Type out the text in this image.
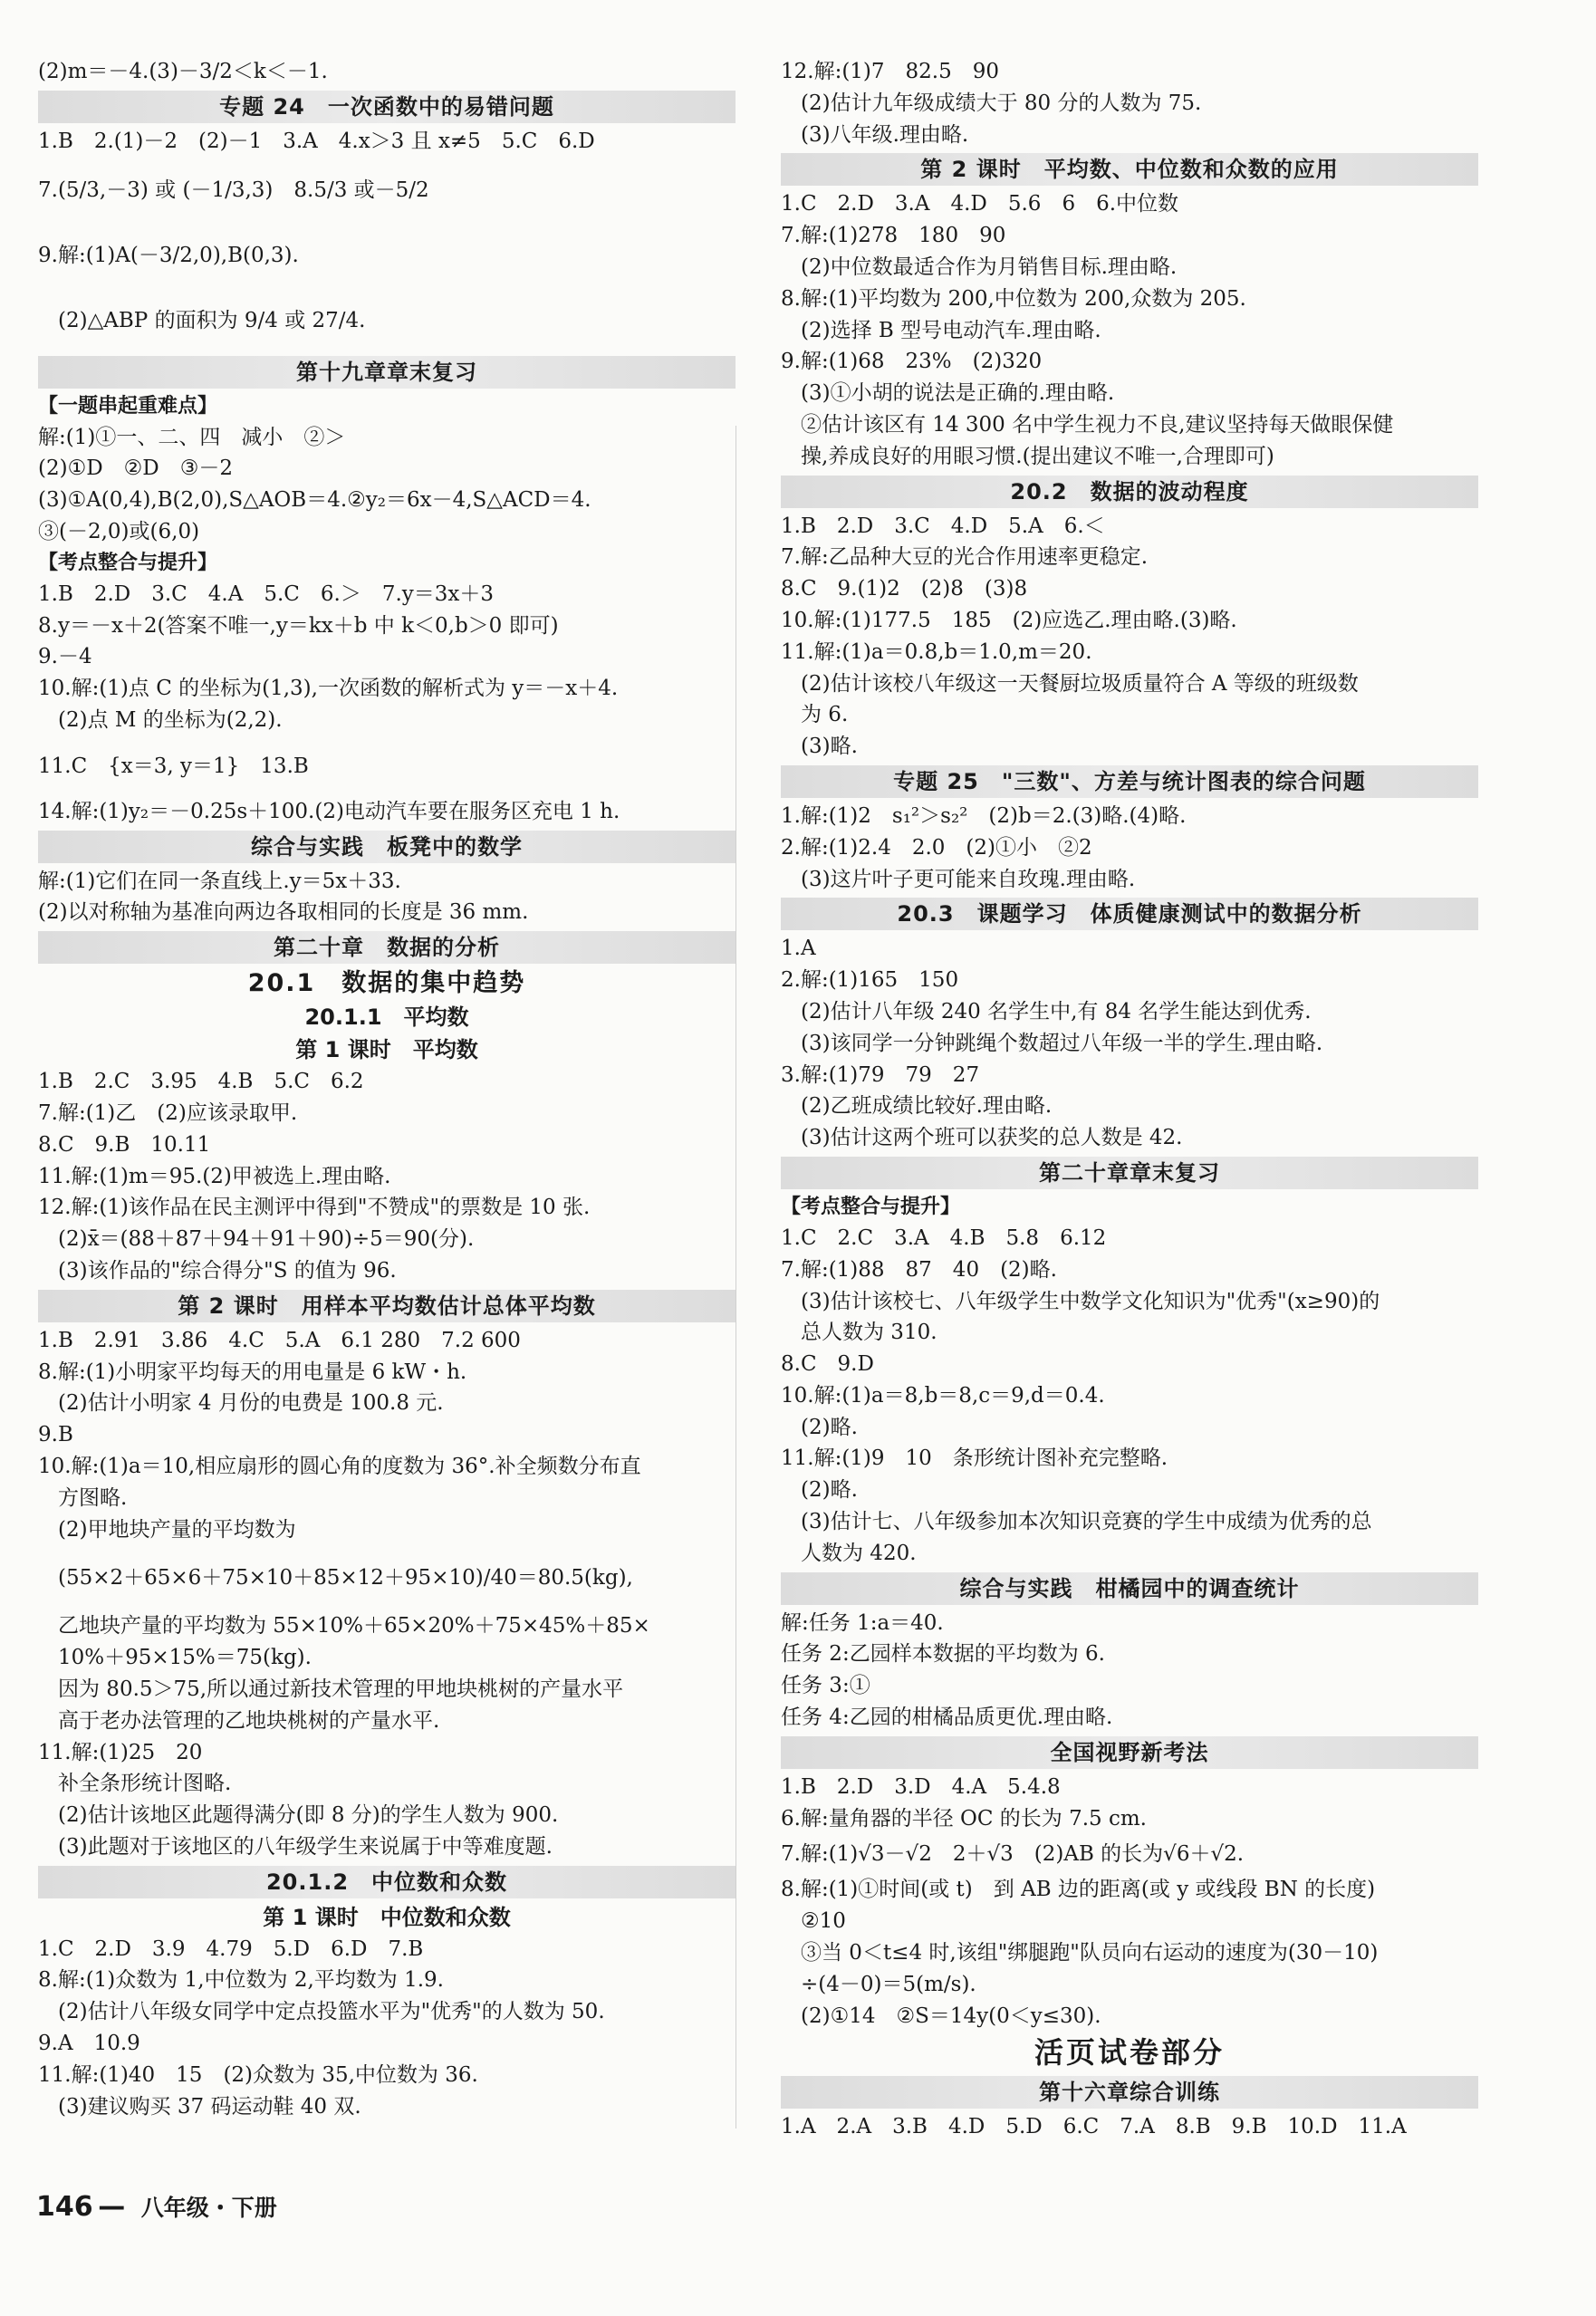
(2)m＝－4.(3)－3/2＜k＜－1.
专题 24　一次函数中的易错问题
1.B　2.(1)－2　(2)－1　3.A　4.x＞3 且 x≠5　5.C　6.D
7.(5/3,－3) 或 (－1/3,3)　8.5/3 或－5/2
9.解:(1)A(－3/2,0),B(0,3).
(2)△ABP 的面积为 9/4 或 27/4.
第十九章章末复习
【一题串起重难点】
解:(1)①一、二、四　减小　②＞
(2)①D　②D　③－2
(3)①A(0,4),B(2,0),S△AOB＝4.②y₂＝6x－4,S△ACD＝4.
③(－2,0)或(6,0)
【考点整合与提升】
1.B　2.D　3.C　4.A　5.C　6.＞　7.y＝3x＋3
8.y＝－x＋2(答案不唯一,y＝kx＋b 中 k＜0,b＞0 即可)
9.－4
10.解:(1)点 C 的坐标为(1,3),一次函数的解析式为 y＝－x＋4.
(2)点 M 的坐标为(2,2).
11.C　{x＝3, y＝1}　13.B
14.解:(1)y₂＝－0.25s＋100.(2)电动汽车要在服务区充电 1 h.
综合与实践　板凳中的数学
解:(1)它们在同一条直线上.y＝5x＋33.
(2)以对称轴为基准向两边各取相同的长度是 36 mm.
第二十章　数据的分析
20.1　数据的集中趋势
20.1.1　平均数
第 1 课时　平均数
1.B　2.C　3.95　4.B　5.C　6.2
7.解:(1)乙　(2)应该录取甲.
8.C　9.B　10.11
11.解:(1)m＝95.(2)甲被选上.理由略.
12.解:(1)该作品在民主测评中得到"不赞成"的票数是 10 张.
(2)x̄＝(88＋87＋94＋91＋90)÷5＝90(分).
(3)该作品的"综合得分"S 的值为 96.
第 2 课时　用样本平均数估计总体平均数
1.B　2.91　3.86　4.C　5.A　6.1 280　7.2 600
8.解:(1)小明家平均每天的用电量是 6 kW・h.
(2)估计小明家 4 月份的电费是 100.8 元.
9.B
10.解:(1)a＝10,相应扇形的圆心角的度数为 36°.补全频数分布直
方图略.
(2)甲地块产量的平均数为
(55×2＋65×6＋75×10＋85×12＋95×10)/40＝80.5(kg),
乙地块产量的平均数为 55×10%＋65×20%＋75×45%＋85×
10%＋95×15%＝75(kg).
因为 80.5＞75,所以通过新技术管理的甲地块桃树的产量水平
高于老办法管理的乙地块桃树的产量水平.
11.解:(1)25　20
补全条形统计图略.
(2)估计该地区此题得满分(即 8 分)的学生人数为 900.
(3)此题对于该地区的八年级学生来说属于中等难度题.
20.1.2　中位数和众数
第 1 课时　中位数和众数
1.C　2.D　3.9　4.79　5.D　6.D　7.B
8.解:(1)众数为 1,中位数为 2,平均数为 1.9.
(2)估计八年级女同学中定点投篮水平为"优秀"的人数为 50.
9.A　10.9
11.解:(1)40　15　(2)众数为 35,中位数为 36.
(3)建议购买 37 码运动鞋 40 双.
12.解:(1)7　82.5　90
(2)估计九年级成绩大于 80 分的人数为 75.
(3)八年级.理由略.
第 2 课时　平均数、中位数和众数的应用
1.C　2.D　3.A　4.D　5.6　6　6.中位数
7.解:(1)278　180　90
(2)中位数最适合作为月销售目标.理由略.
8.解:(1)平均数为 200,中位数为 200,众数为 205.
(2)选择 B 型号电动汽车.理由略.
9.解:(1)68　23%　(2)320
(3)①小胡的说法是正确的.理由略.
②估计该区有 14 300 名中学生视力不良,建议坚持每天做眼保健
操,养成良好的用眼习惯.(提出建议不唯一,合理即可)
20.2　数据的波动程度
1.B　2.D　3.C　4.D　5.A　6.＜
7.解:乙品种大豆的光合作用速率更稳定.
8.C　9.(1)2　(2)8　(3)8
10.解:(1)177.5　185　(2)应选乙.理由略.(3)略.
11.解:(1)a＝0.8,b＝1.0,m＝20.
(2)估计该校八年级这一天餐厨垃圾质量符合 A 等级的班级数
为 6.
(3)略.
专题 25　"三数"、方差与统计图表的综合问题
1.解:(1)2　s₁²＞s₂²　(2)b＝2.(3)略.(4)略.
2.解:(1)2.4　2.0　(2)①小　②2
(3)这片叶子更可能来自玫瑰.理由略.
20.3　课题学习　体质健康测试中的数据分析
1.A
2.解:(1)165　150
(2)估计八年级 240 名学生中,有 84 名学生能达到优秀.
(3)该同学一分钟跳绳个数超过八年级一半的学生.理由略.
3.解:(1)79　79　27
(2)乙班成绩比较好.理由略.
(3)估计这两个班可以获奖的总人数是 42.
第二十章章末复习
【考点整合与提升】
1.C　2.C　3.A　4.B　5.8　6.12
7.解:(1)88　87　40　(2)略.
(3)估计该校七、八年级学生中数学文化知识为"优秀"(x≥90)的
总人数为 310.
8.C　9.D
10.解:(1)a＝8,b＝8,c＝9,d＝0.4.
(2)略.
11.解:(1)9　10　条形统计图补充完整略.
(2)略.
(3)估计七、八年级参加本次知识竞赛的学生中成绩为优秀的总
人数为 420.
综合与实践　柑橘园中的调查统计
解:任务 1:a＝40.
任务 2:乙园样本数据的平均数为 6.
任务 3:①
任务 4:乙园的柑橘品质更优.理由略.
全国视野新考法
1.B　2.D　3.D　4.A　5.4.8
6.解:量角器的半径 OC 的长为 7.5 cm.
7.解:(1)√3－√2　2＋√3　(2)AB 的长为√6＋√2.
8.解:(1)①时间(或 t)　到 AB 边的距离(或 y 或线段 BN 的长度)
②10
③当 0＜t≤4 时,该组"绑腿跑"队员向右运动的速度为(30－10)
÷(4－0)＝5(m/s).
(2)①14　②S＝14y(0＜y≤30).
活页试卷部分
第十六章综合训练
1.A　2.A　3.B　4.D　5.D　6.C　7.A　8.B　9.B　10.D　11.A
146 — 八年级・下册
